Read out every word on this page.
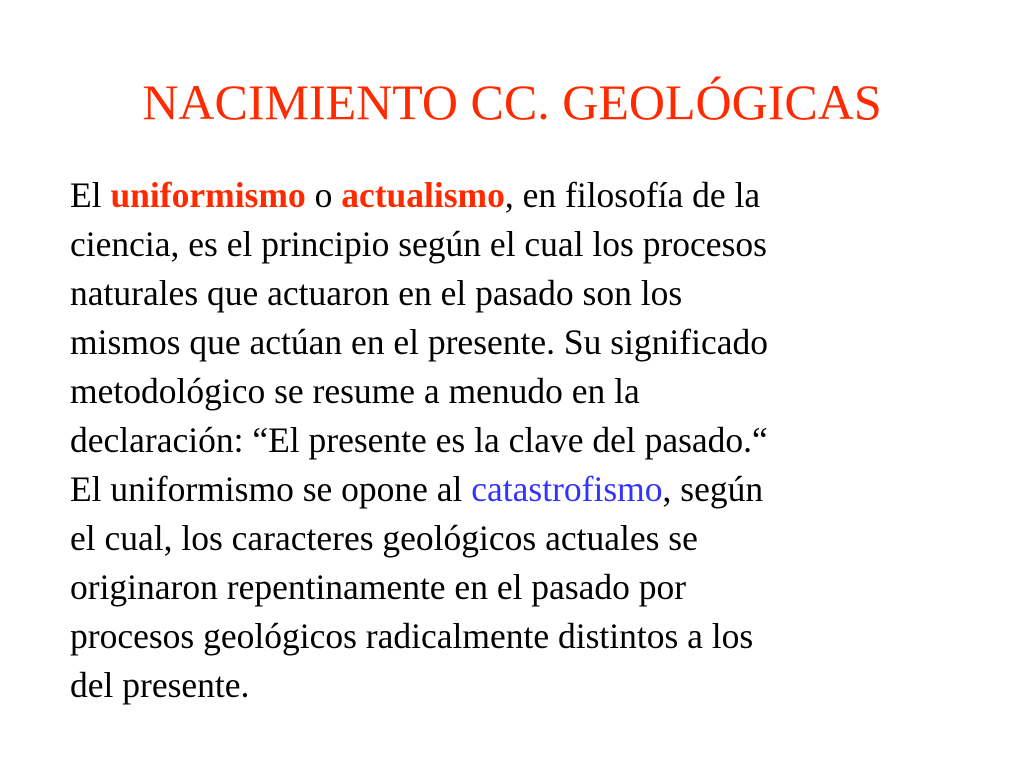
NACIMIENTO CC. GEOLÓGICAS
El uniformismo o actualismo, en filosofía de la
ciencia, es el principio según el cual los procesos
naturales que actuaron en el pasado son los
mismos que actúan en el presente. Su significado
metodológico se resume a menudo en la
declaración: “El presente es la clave del pasado.“
El uniformismo se opone al catastrofismo, según
el cual, los caracteres geológicos actuales se
originaron repentinamente en el pasado por
procesos geológicos radicalmente distintos a los
del presente.
